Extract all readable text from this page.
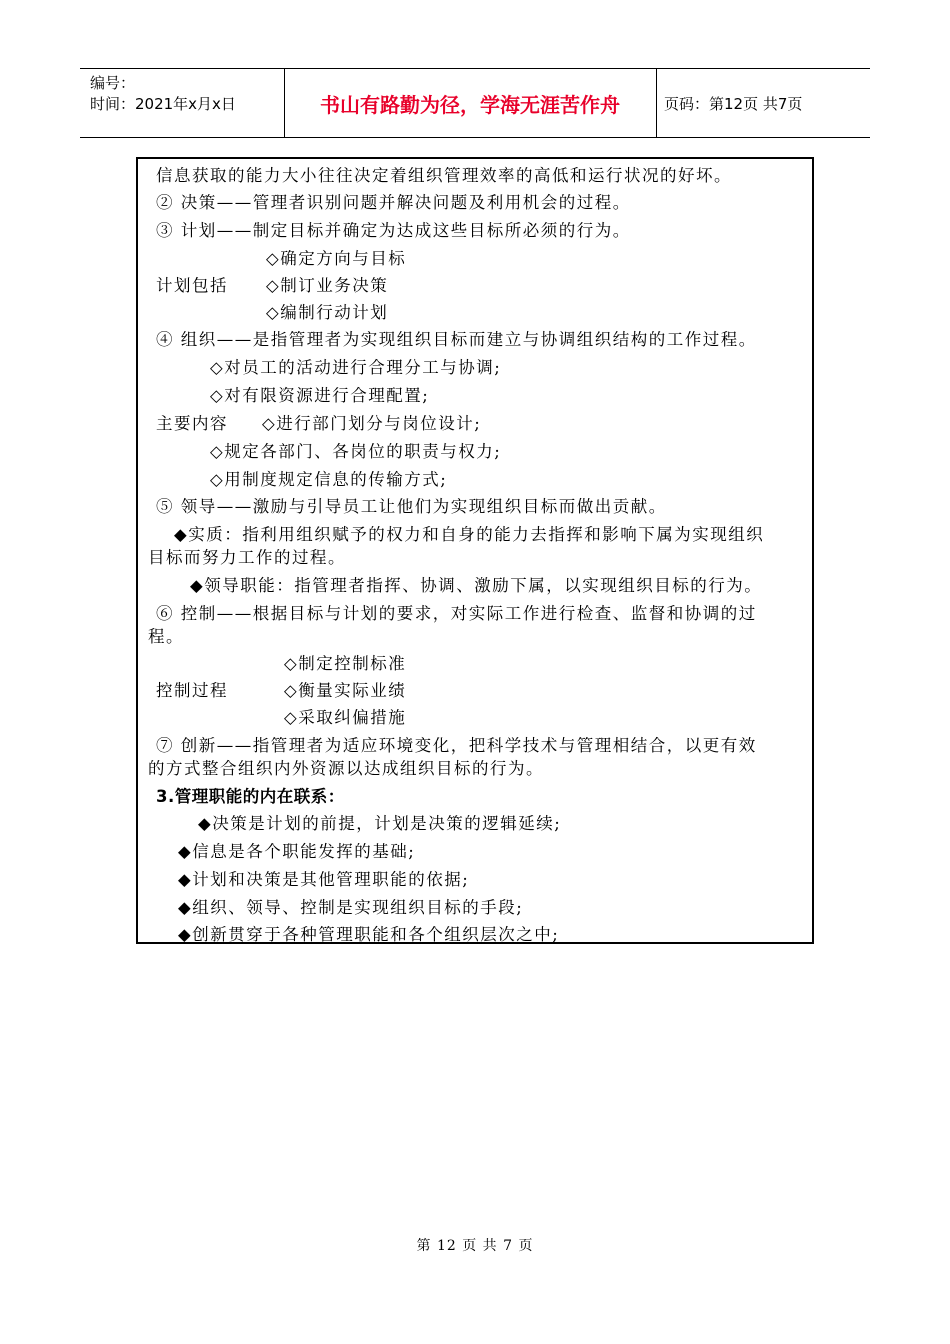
编号：
时间：2021年x月x日	书山有路勤为径，学海无涯苦作舟	页码：第12页 共7页
信息获取的能力大小往往决定着组织管理效率的高低和运行状况的好坏。
② 决策——管理者识别问题并解决问题及利用机会的过程。
③ 计划——制定目标并确定为达成这些目标所必须的行为。
◇确定方向与目标
计划包括 ◇制订业务决策
◇编制行动计划
④ 组织——是指管理者为实现组织目标而建立与协调组织结构的工作过程。
◇对员工的活动进行合理分工与协调;
◇对有限资源进行合理配置;
主要内容 ◇进行部门划分与岗位设计;
◇规定各部门、各岗位的职责与权力;
◇用制度规定信息的传输方式;
⑤ 领导——激励与引导员工让他们为实现组织目标而做出贡献。
◆实质：指利用组织赋予的权力和自身的能力去指挥和影响下属为实现组织
目标而努力工作的过程。
◆领导职能：指管理者指挥、协调、激励下属，以实现组织目标的行为。
⑥ 控制——根据目标与计划的要求，对实际工作进行检查、监督和协调的过
程。
◇制定控制标准
控制过程	◇衡量实际业绩
◇采取纠偏措施
⑦ 创新——指管理者为适应环境变化，把科学技术与管理相结合，以更有效
的方式整合组织内外资源以达成组织目标的行为。
3.管理职能的内在联系：
◆决策是计划的前提，计划是决策的逻辑延续;
◆信息是各个职能发挥的基础;
◆计划和决策是其他管理职能的依据;
◆组织、领导、控制是实现组织目标的手段;
◆创新贯穿于各种管理职能和各个组织层次之中;
第 12 页 共 7 页
